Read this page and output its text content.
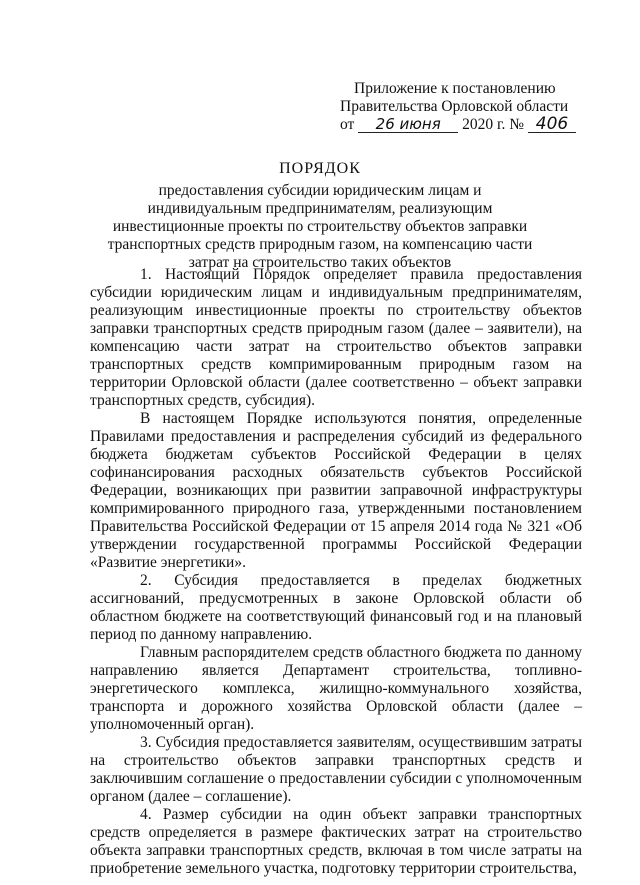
Приложение к постановлению
Правительства Орловской области
от 26 июня 2020 г. № 406
ПОРЯДОК
предоставления субсидии юридическим лицам и индивидуальным предпринимателям, реализующим инвестиционные проекты по строительству объектов заправки транспортных средств природным газом, на компенсацию части затрат на строительство таких объектов

1. Настоящий Порядок определяет правила предоставления субсидии юридическим лицам и индивидуальным предпринимателям, реализующим инвестиционные проекты по строительству объектов заправки транспортных средств природным газом (далее – заявители), на компенсацию части затрат на строительство объектов заправки транспортных средств компримированным природным газом на территории Орловской области (далее соответственно – объект заправки транспортных средств, субсидия).

В настоящем Порядке используются понятия, определенные Правилами предоставления и распределения субсидий из федерального бюджета бюджетам субъектов Российской Федерации в целях софинансирования расходных обязательств субъектов Российской Федерации, возникающих при развитии заправочной инфраструктуры компримированного природного газа, утвержденными постановлением Правительства Российской Федерации от 15 апреля 2014 года № 321 «Об утверждении государственной программы Российской Федерации «Развитие энергетики».

2. Субсидия предоставляется в пределах бюджетных ассигнований, предусмотренных в законе Орловской области об областном бюджете на соответствующий финансовый год и на плановый период по данному направлению.

Главным распорядителем средств областного бюджета по данному направлению является Департамент строительства, топливно-энергетического комплекса, жилищно-коммунального хозяйства, транспорта и дорожного хозяйства Орловской области (далее – уполномоченный орган).

3. Субсидия предоставляется заявителям, осуществившим затраты на строительство объектов заправки транспортных средств и заключившим соглашение о предоставлении субсидии с уполномоченным органом (далее – соглашение).

4. Размер субсидии на один объект заправки транспортных средств определяется в размере фактических затрат на строительство объекта заправки транспортных средств, включая в том числе затраты на приобретение земельного участка, подготовку территории строительства,
